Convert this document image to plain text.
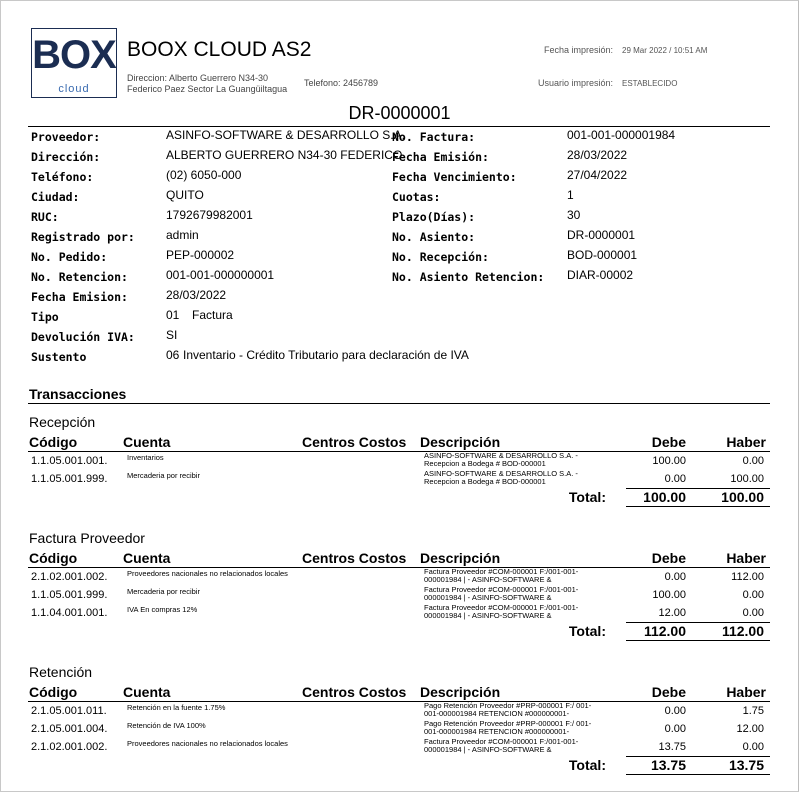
BOX
cloud
BOOX CLOUD AS2
Direccion: Alberto Guerrero N34-30
Federico Paez Sector La Guangüiltagua
Telefono: 2456789
Fecha impresión: 29 Mar 2022 / 10:51 AM
Usuario impresión: ESTABLECIDO
DR-0000001
Proveedor:	ASINFO-SOFTWARE & DESARROLLO S.A.
Dirección:	ALBERTO GUERRERO N34-30 FEDERICO
Teléfono:	(02) 6050-000
Ciudad:	QUITO
RUC:	1792679982001
Registrado por:	admin
No. Pedido:	PEP-000002
No. Retencion:	001-001-000000001
Fecha Emision:	28/03/2022
Tipo	01 Factura
Devolución IVA:	SI
Sustento	06 Inventario - Crédito Tributario para declaración de IVA
No. Factura:	001-001-000001984
Fecha Emisión:	28/03/2022
Fecha Vencimiento:	27/04/2022
Cuotas:	1
Plazo(Días):	30
No. Asiento:	DR-0000001
No. Recepción:	BOD-000001
No. Asiento Retencion: DIAR-00002
Transacciones
Recepción
Código	Cuenta	Centros Costos Descripción	Debe	Haber
1.1.05.001.001.	Inventarios	ASINFO-SOFTWARE & DESARROLLO S.A. - Recepcion a Bodega # BOD-000001	100.00	0.00
1.1.05.001.999.	Mercaderia por recibir	ASINFO-SOFTWARE & DESARROLLO S.A. - Recepcion a Bodega # BOD-000001	0.00	100.00
Total:	100.00	100.00
Factura Proveedor
Código	Cuenta	Centros Costos Descripción	Debe	Haber
2.1.02.001.002.	Proveedores nacionales no relacionados locales	Factura Proveedor #COM-000001 F:/001-001-000001984 | - ASINFO-SOFTWARE &	0.00	112.00
1.1.05.001.999.	Mercaderia por recibir	Factura Proveedor #COM-000001 F:/001-001-000001984 | - ASINFO-SOFTWARE &	100.00	0.00
1.1.04.001.001.	IVA En compras 12%	Factura Proveedor #COM-000001 F:/001-001-000001984 | - ASINFO-SOFTWARE &	12.00	0.00
Total:	112.00	112.00
Retención
Código	Cuenta	Centros Costos Descripción	Debe	Haber
2.1.05.001.011.	Retención en la fuente 1.75%	Pago Retención Proveedor #PRP-000001 F:/ 001-001-000001984 RETENCION #000000001-	0.00	1.75
2.1.05.001.004.	Retención de IVA 100%	Pago Retención Proveedor #PRP-000001 F:/ 001-001-000001984 RETENCION #000000001-	0.00	12.00
2.1.02.001.002.	Proveedores nacionales no relacionados locales	Factura Proveedor #COM-000001 F:/001-001-000001984 | - ASINFO-SOFTWARE &	13.75	0.00
Total:	13.75	13.75
